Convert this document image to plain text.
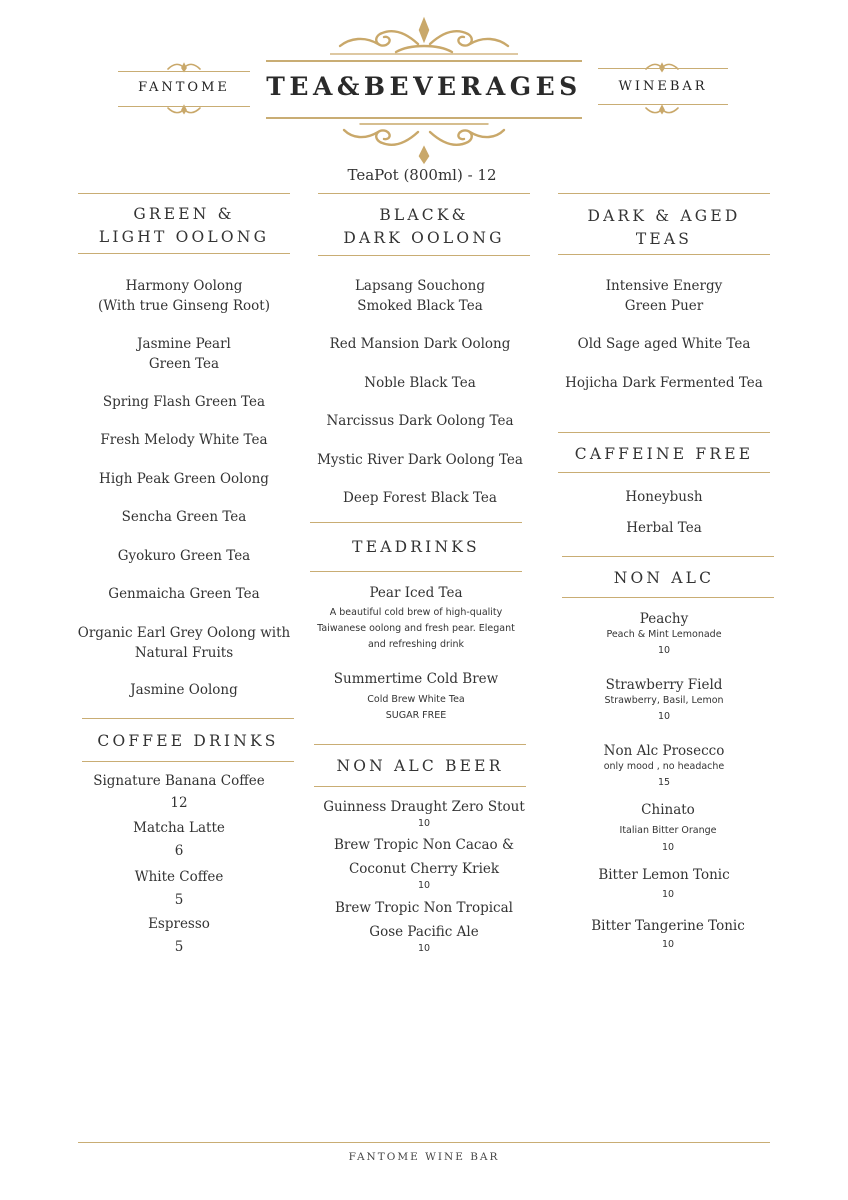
FANTOME	TEA&BEVERAGES	WINEBAR
TeaPot (800ml) - 12
GREEN &
LIGHT OOLONG
Harmony Oolong
(With true Ginseng Root)
Jasmine Pearl
Green Tea
Spring Flash Green Tea
Fresh Melody White Tea
High Peak Green Oolong
Sencha Green Tea
Gyokuro Green Tea
Genmaicha Green Tea
Organic Earl Grey Oolong with
Natural Fruits
Jasmine Oolong
COFFEE DRINKS
Signature Banana Coffee
12
Matcha Latte
6
White Coffee
5
Espresso
5
BLACK&
DARK OOLONG
Lapsang Souchong
Smoked Black Tea
Red Mansion Dark Oolong
Noble Black Tea
Narcissus Dark Oolong Tea
Mystic River Dark Oolong Tea
Deep Forest Black Tea
TEADRINKS
Pear Iced Tea
A beautiful cold brew of high-quality
Taiwanese oolong and fresh pear. Elegant
and refreshing drink
Summertime Cold Brew
Cold Brew White Tea
SUGAR FREE
NON ALC BEER
Guinness Draught Zero Stout
10
Brew Tropic Non Cacao &
Coconut Cherry Kriek
10
Brew Tropic Non Tropical
Gose Pacific Ale
10
DARK & AGED
TEAS
Intensive Energy
Green Puer
Old Sage aged White Tea
Hojicha Dark Fermented Tea
CAFFEINE FREE
Honeybush
Herbal Tea
NON ALC
Peachy
Peach & Mint Lemonade
10
Strawberry Field
Strawberry, Basil, Lemon
10
Non Alc Prosecco
only mood , no headache
15
Chinato
Italian Bitter Orange
10
Bitter Lemon Tonic
10
Bitter Tangerine Tonic
10
FANTOME WINE BAR
